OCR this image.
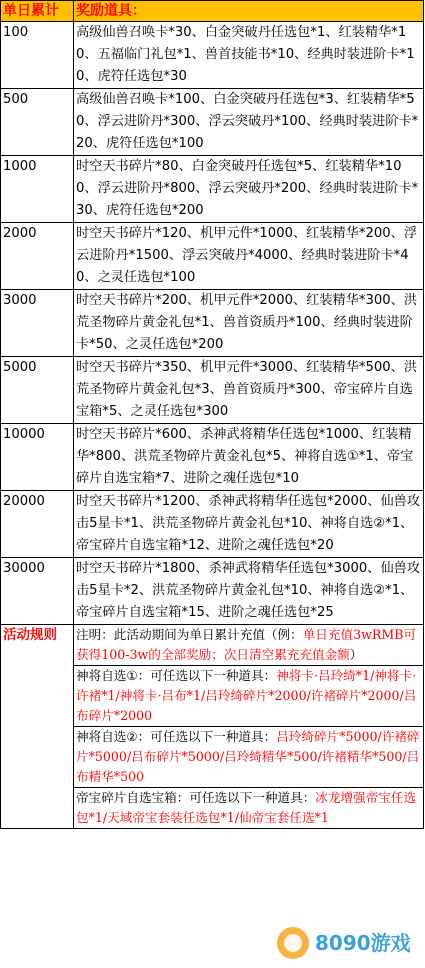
单日累计	奖励道具：
100	高级仙兽召唤卡*30、白金突破丹任选包*1、红装精华*10、五福临门礼包*1、兽首技能书*10、经典时装进阶卡*10、虎符任选包*30
500	高级仙兽召唤卡*100、白金突破丹任选包*3、红装精华*50、浮云进阶丹*300、浮云突破丹*100、经典时装进阶卡*20、虎符任选包*100
1000	时空天书碎片*80、白金突破丹任选包*5、红装精华*100、浮云进阶丹*800、浮云突破丹*200、经典时装进阶卡*30、虎符任选包*200
2000	时空天书碎片*120、机甲元件*1000、红装精华*200、浮云进阶丹*1500、浮云突破丹*4000、经典时装进阶卡*40、之灵任选包*100
3000	时空天书碎片*200、机甲元件*2000、红装精华*300、洪荒圣物碎片黄金礼包*1、兽首资质丹*100、经典时装进阶卡*50、之灵任选包*200
5000	时空天书碎片*350、机甲元件*3000、红装精华*500、洪荒圣物碎片黄金礼包*3、兽首资质丹*300、帝宝碎片自选宝箱*5、之灵任选包*300
10000	时空天书碎片*600、杀神武将精华任选包*1000、红装精华*800、洪荒圣物碎片黄金礼包*5、神将自选①*1、帝宝碎片自选宝箱*7、进阶之魂任选包*10
20000	时空天书碎片*1200、杀神武将精华任选包*2000、仙兽攻击5星卡*1、洪荒圣物碎片黄金礼包*10、神将自选②*1、帝宝碎片自选宝箱*12、进阶之魂任选包*20
30000	时空天书碎片*1800、杀神武将精华任选包*3000、仙兽攻击5星卡*2、洪荒圣物碎片黄金礼包*10、神将自选②*1、帝宝碎片自选宝箱*15、进阶之魂任选包*25
活动规则	注明：此活动期间为单日累计充值（例：单日充值3wRMB可获得100-3w的全部奖励；次日清空累充充值金额）
	神将自选①：可任选以下一种道具：神将卡·吕玲绮*1/神将卡·许褚*1/神将卡·吕布*1/吕玲绮碎片*2000/许褚碎片*2000/吕布碎片*2000
	神将自选②：可任选以下一种道具：吕玲绮碎片*5000/许褚碎片*5000/吕布碎片*5000/吕玲绮精华*500/许褚精华*500/吕布精华*500
	帝宝碎片自选宝箱：可任选以下一种道具：冰龙增强帝宝任选包*1/天域帝宝套装任选包*1/仙帝宝套任选*1
8090游戏
